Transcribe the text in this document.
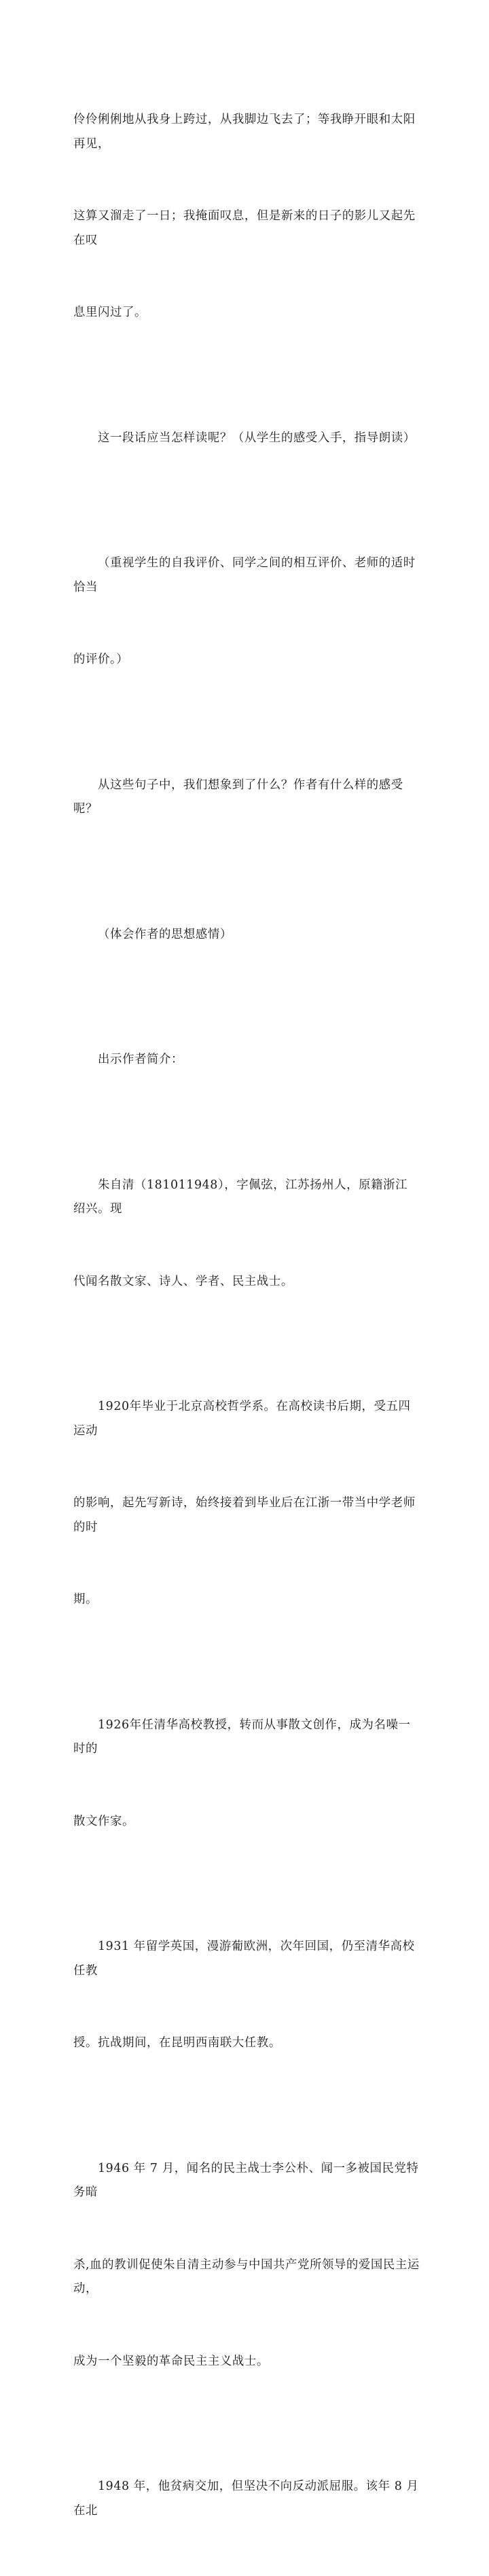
伶伶俐俐地从我身上跨过，从我脚边飞去了；等我睁开眼和太阳再见，

这算又溜走了一日；我掩面叹息，但是新来的日子的影儿又起先在叹

息里闪过了。

这一段话应当怎样读呢？（从学生的感受入手，指导朗读）

（重视学生的自我评价、同学之间的相互评价、老师的适时恰当

的评价。）

从这些句子中，我们想象到了什么？作者有什么样的感受呢？

（体会作者的思想感情）

出示作者简介：

朱自清（181011948），字佩弦，江苏扬州人，原籍浙江绍兴。现

代闻名散文家、诗人、学者、民主战士。

1920年毕业于北京高校哲学系。在高校读书后期，受五四运动

的影响，起先写新诗，始终接着到毕业后在江浙一带当中学老师的时

期。

1926年任清华高校教授，转而从事散文创作，成为名噪一时的

散文作家。

1931 年留学英国，漫游葡欧洲，次年回国，仍至清华高校任教

授。抗战期间，在昆明西南联大任教。

1946 年 7 月，闻名的民主战士李公朴、闻一多被国民党特务暗

杀,血的教训促使朱自清主动参与中国共产党所领导的爱国民主运动，

成为一个坚毅的革命民主主义战士。

1948 年，他贫病交加，但坚决不向反动派屈服。该年 8 月在北
